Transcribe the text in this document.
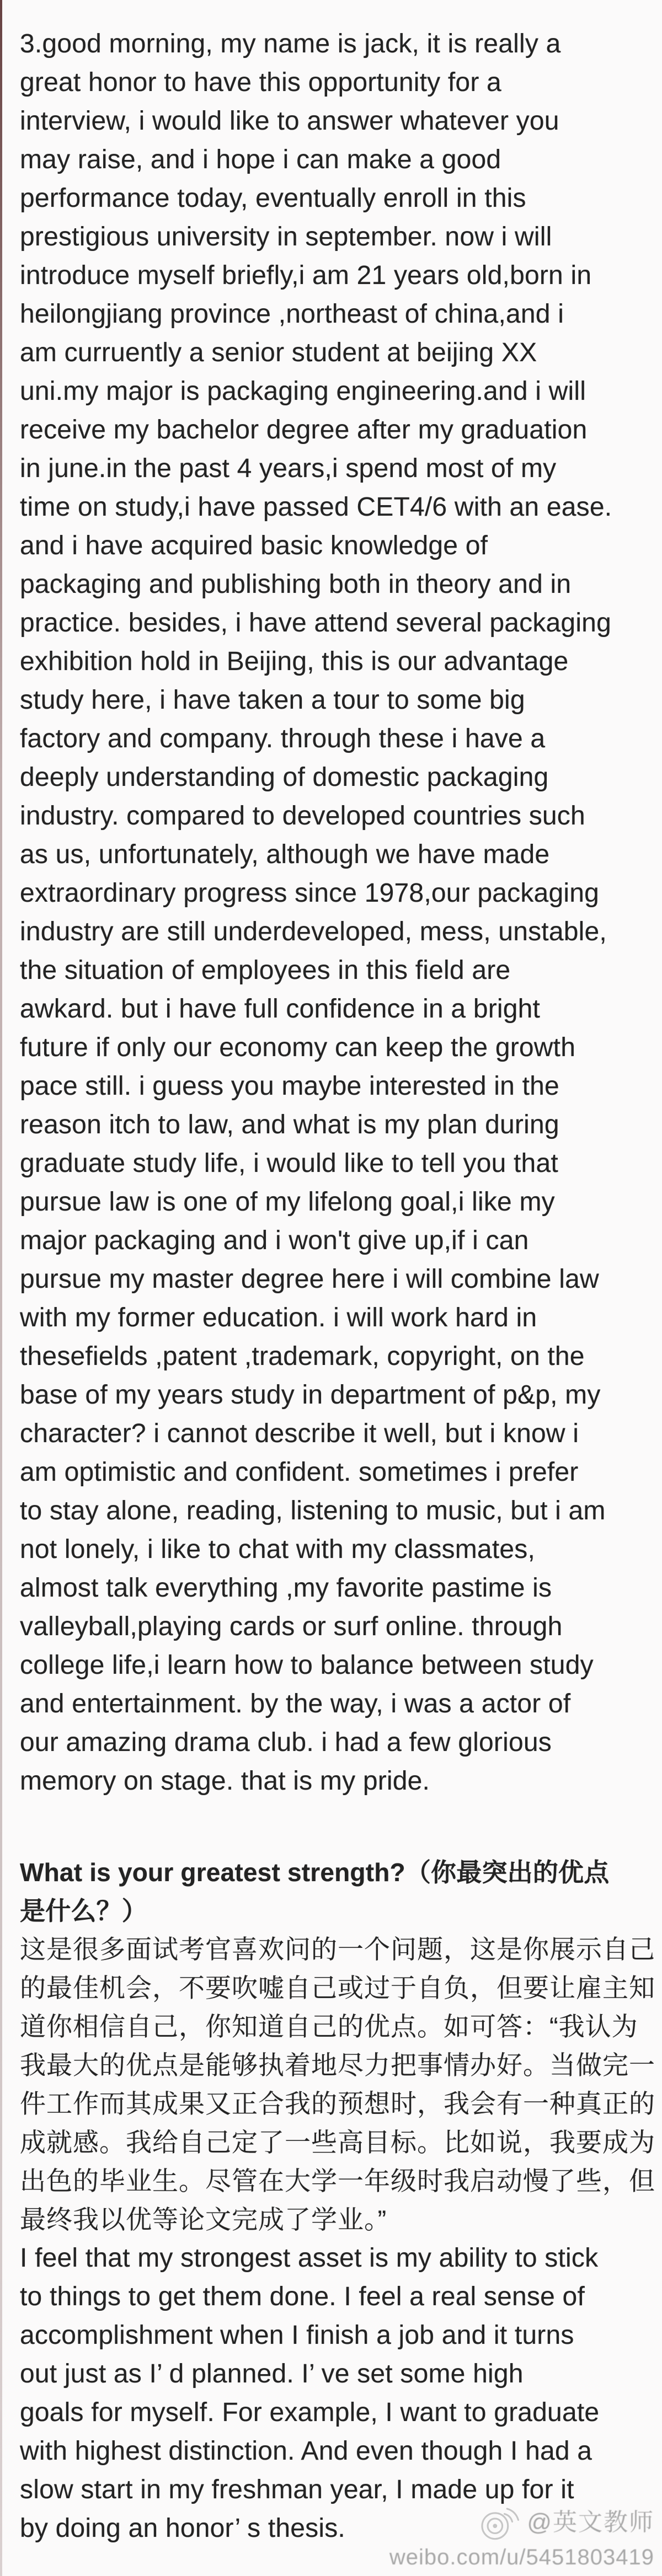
3.good morning, my name is jack, it is really a
great honor to have this opportunity for a
interview, i would like to answer whatever you
may raise, and i hope i can make a good
performance today, eventually enroll in this
prestigious university in september. now i will
introduce myself briefly,i am 21 years old,born in
heilongjiang province ,northeast of china,and i
am curruently a senior student at beijing XX
uni.my major is packaging engineering.and i will
receive my bachelor degree after my graduation
in june.in the past 4 years,i spend most of my
time on study,i have passed CET4/6 with an ease.
and i have acquired basic knowledge of
packaging and publishing both in theory and in
practice. besides, i have attend several packaging
exhibition hold in Beijing, this is our advantage
study here, i have taken a tour to some big
factory and company. through these i have a
deeply understanding of domestic packaging
industry. compared to developed countries such
as us, unfortunately, although we have made
extraordinary progress since 1978,our packaging
industry are still underdeveloped, mess, unstable,
the situation of employees in this field are
awkard. but i have full confidence in a bright
future if only our economy can keep the growth
pace still. i guess you maybe interested in the
reason itch to law, and what is my plan during
graduate study life, i would like to tell you that
pursue law is one of my lifelong goal,i like my
major packaging and i won't give up,if i can
pursue my master degree here i will combine law
with my former education. i will work hard in
thesefields ,patent ,trademark, copyright, on the
base of my years study in department of p&p, my
character? i cannot describe it well, but i know i
am optimistic and confident. sometimes i prefer
to stay alone, reading, listening to music, but i am
not lonely, i like to chat with my classmates,
almost talk everything ,my favorite pastime is
valleyball,playing cards or surf online. through
college life,i learn how to balance between study
and entertainment. by the way, i was a actor of
our amazing drama club. i had a few glorious
memory on stage. that is my pride.
What is your greatest strength?（你最突出的优点
是什么？）
这是很多面试考官喜欢问的一个问题，这是你展示自己
的最佳机会，不要吹嘘自己或过于自负，但要让雇主知
道你相信自己，你知道自己的优点。如可答：“我认为
我最大的优点是能够执着地尽力把事情办好。当做完一
件工作而其成果又正合我的预想时，我会有一种真正的
成就感。我给自己定了一些高目标。比如说，我要成为
出色的毕业生。尽管在大学一年级时我启动慢了些，但
最终我以优等论文完成了学业。”
I feel that my strongest asset is my ability to stick
to things to get them done. I feel a real sense of
accomplishment when I finish a job and it turns
out just as I’ d planned. I’ ve set some high
goals for myself. For example, I want to graduate
with highest distinction. And even though I had a
slow start in my freshman year, I made up for it
by doing an honor’ s thesis.	@英文教师
weibo.com/u/5451803419
